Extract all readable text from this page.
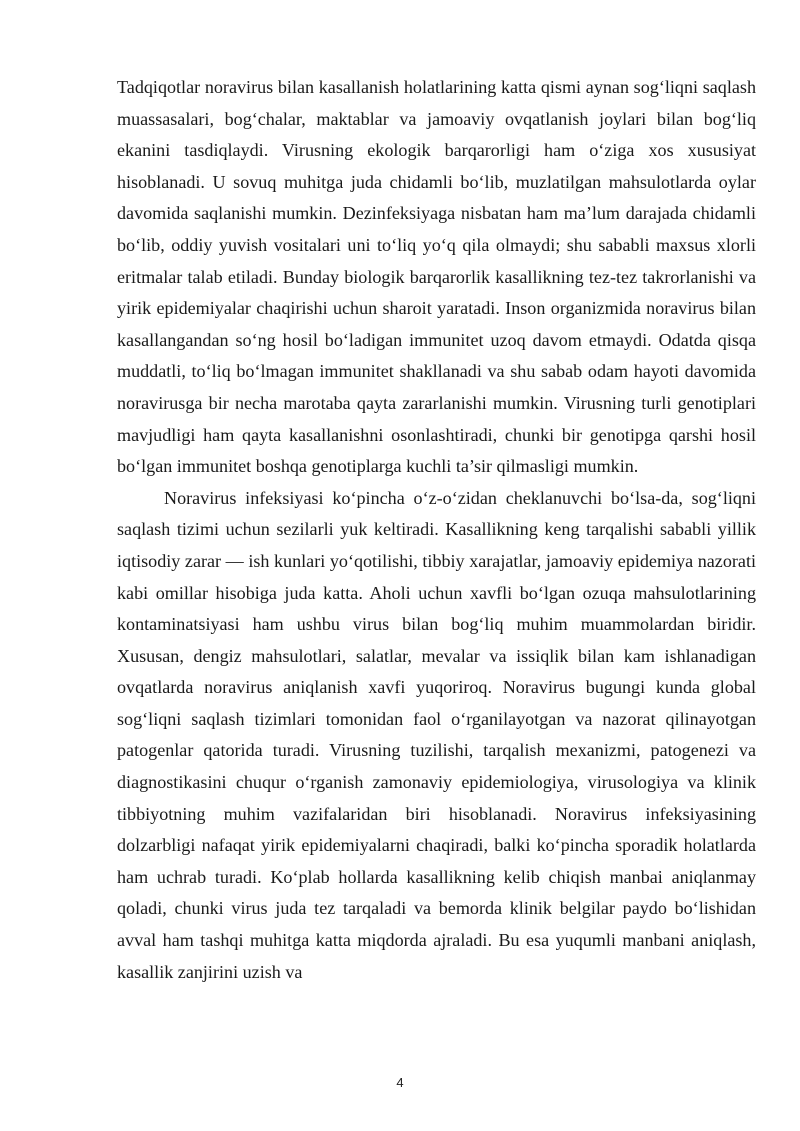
Tadqiqotlar noravirus bilan kasallanish holatlarining katta qismi aynan sog‘liqni saqlash muassasalari, bog‘chalar, maktablar va jamoaviy ovqatlanish joylari bilan bog‘liq ekanini tasdiqlaydi. Virusning ekologik barqarorligi ham o‘ziga xos xususiyat hisoblanadi. U sovuq muhitga juda chidamli bo‘lib, muzlatilgan mahsulotlarda oylar davomida saqlanishi mumkin. Dezinfeksiyaga nisbatan ham ma’lum darajada chidamli bo‘lib, oddiy yuvish vositalari uni to‘liq yo‘q qila olmaydi; shu sababli maxsus xlorli eritmalar talab etiladi. Bunday biologik barqarorlik kasallikning tez-tez takrorlanishi va yirik epidemiyalar chaqirishi uchun sharoit yaratadi. Inson organizmida noravirus bilan kasallangandan so‘ng hosil bo‘ladigan immunitet uzoq davom etmaydi. Odatda qisqa muddatli, to‘liq bo‘lmagan immunitet shakllanadi va shu sabab odam hayoti davomida noravirusga bir necha marotaba qayta zararlanishi mumkin. Virusning turli genotiplari mavjudligi ham qayta kasallanishni osonlashtiradi, chunki bir genotipga qarshi hosil bo‘lgan immunitet boshqa genotiplarga kuchli ta’sir qilmasligi mumkin.

Noravirus infeksiyasi ko‘pincha o‘z-o‘zidan cheklanuvchi bo‘lsa-da, sog‘liqni saqlash tizimi uchun sezilarli yuk keltiradi. Kasallikning keng tarqalishi sababli yillik iqtisodiy zarar — ish kunlari yo‘qotilishi, tibbiy xarajatlar, jamoaviy epidemiya nazorati kabi omillar hisobiga juda katta. Aholi uchun xavfli bo‘lgan ozuqa mahsulotlarining kontaminatsiyasi ham ushbu virus bilan bog‘liq muhim muammolardan biridir. Xususan, dengiz mahsulotlari, salatlar, mevalar va issiqlik bilan kam ishlanadigan ovqatlarda noravirus aniqlanish xavfi yuqoriroq. Noravirus bugungi kunda global sog‘liqni saqlash tizimlari tomonidan faol o‘rganilayotgan va nazorat qilinayotgan patogenlar qatorida turadi. Virusning tuzilishi, tarqalish mexanizmi, patogenezi va diagnostikasini chuqur o‘rganish zamonaviy epidemiologiya, virusologiya va klinik tibbiyotning muhim vazifalaridan biri hisoblanadi. Noravirus infeksiyasining dolzarbligi nafaqat yirik epidemiyalarni chaqiradi, balki ko‘pincha sporadik holatlarda ham uchrab turadi. Ko‘plab hollarda kasallikning kelib chiqish manbai aniqlanmay qoladi, chunki virus juda tez tarqaladi va bemorda klinik belgilar paydo bo‘lishidan avval ham tashqi muhitga katta miqdorda ajraladi. Bu esa yuqumli manbani aniqlash, kasallik zanjirini uzish va

4
